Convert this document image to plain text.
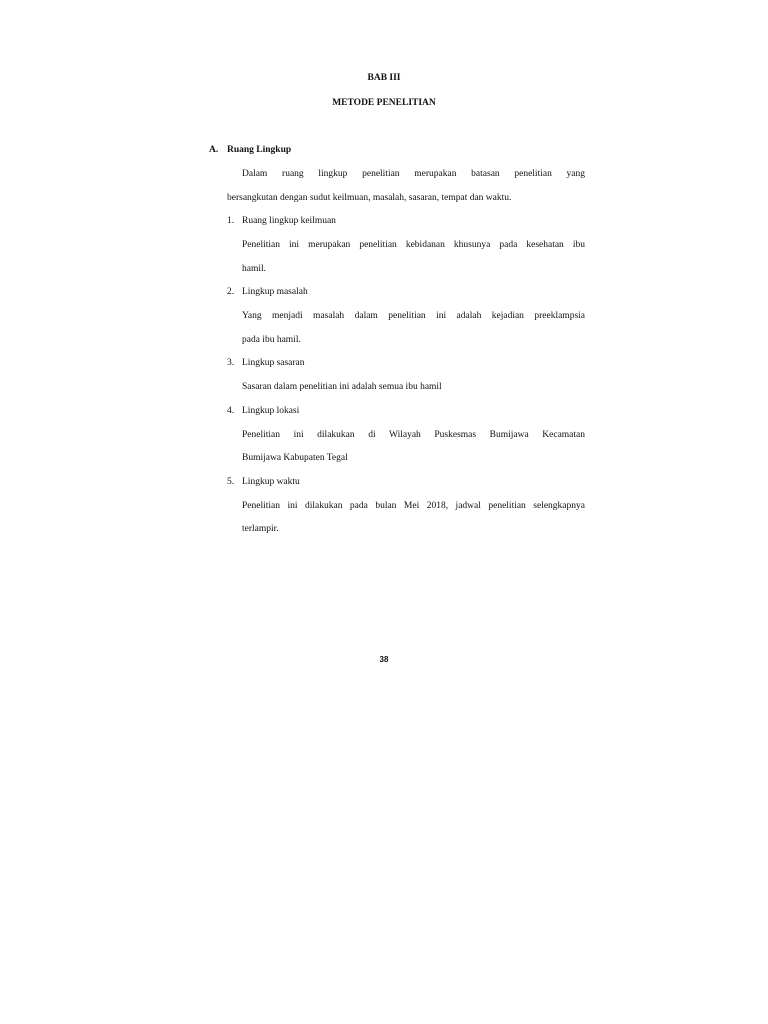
BAB III
METODE PENELITIAN
A. Ruang Lingkup
Dalam ruang lingkup penelitian merupakan batasan penelitian yang
bersangkutan dengan sudut keilmuan, masalah, sasaran, tempat dan waktu.
1. Ruang lingkup keilmuan
Penelitian ini merupakan penelitian kebidanan khusunya pada kesehatan ibu
hamil.
2. Lingkup masalah
Yang menjadi masalah dalam penelitian ini adalah kejadian preeklampsia
pada ibu hamil.
3. Lingkup sasaran
Sasaran dalam penelitian ini adalah semua ibu hamil
4. Lingkup lokasi
Penelitian ini dilakukan di Wilayah Puskesmas Bumijawa Kecamatan
Bumijawa Kabupaten Tegal
5. Lingkup waktu
Penelitian ini dilakukan pada bulan Mei 2018, jadwal penelitian selengkapnya
terlampir.
38
